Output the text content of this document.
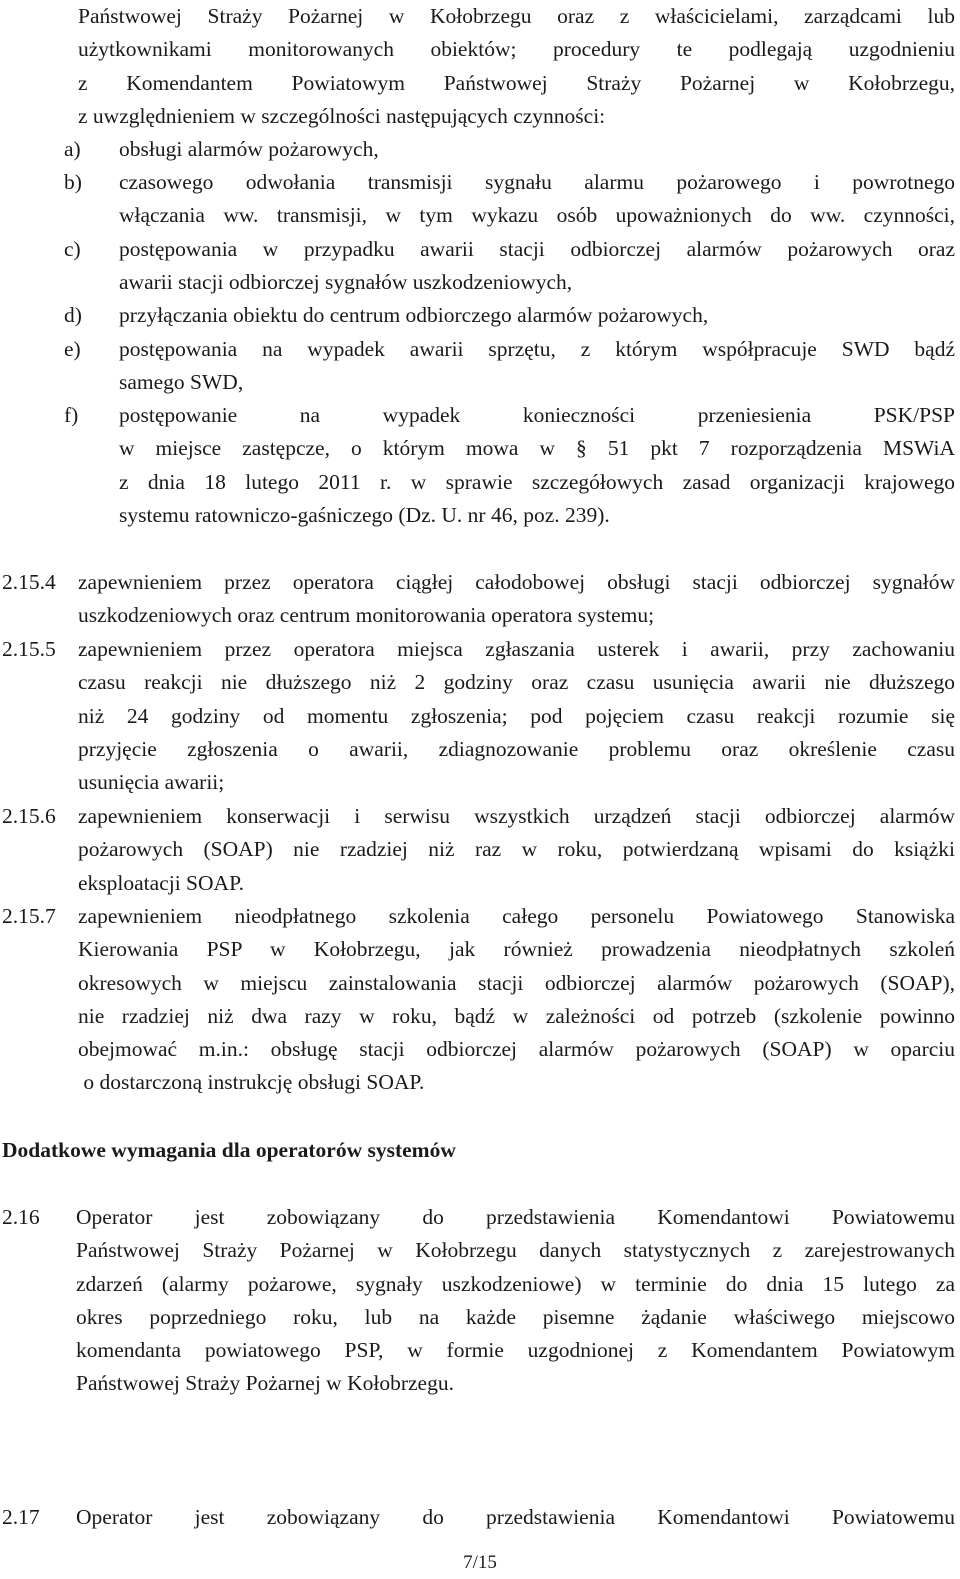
Państwowej Straży Pożarnej w Kołobrzegu oraz z właścicielami, zarządcami lub
użytkownikami monitorowanych obiektów; procedury te podlegają uzgodnieniu
z Komendantem Powiatowym Państwowej Straży Pożarnej w Kołobrzegu,
z uwzględnieniem w szczególności następujących czynności:
a) obsługi alarmów pożarowych,
b) czasowego odwołania transmisji sygnału alarmu pożarowego i powrotnego
włączania ww. transmisji, w tym wykazu osób upoważnionych do ww. czynności,
c) postępowania w przypadku awarii stacji odbiorczej alarmów pożarowych oraz
awarii stacji odbiorczej sygnałów uszkodzeniowych,
d) przyłączania obiektu do centrum odbiorczego alarmów pożarowych,
e) postępowania na wypadek awarii sprzętu, z którym współpracuje SWD bądź
samego SWD,
f) postępowanie na wypadek konieczności przeniesienia PSK/PSP
w miejsce zastępcze, o którym mowa w § 51 pkt 7 rozporządzenia MSWiA
z dnia 18 lutego 2011 r. w sprawie szczegółowych zasad organizacji krajowego
systemu ratowniczo-gaśniczego (Dz. U. nr 46, poz. 239).
2.15.4 zapewnieniem przez operatora ciągłej całodobowej obsługi stacji odbiorczej sygnałów
uszkodzeniowych oraz centrum monitorowania operatora systemu;
2.15.5 zapewnieniem przez operatora miejsca zgłaszania usterek i awarii, przy zachowaniu
czasu reakcji nie dłuższego niż 2 godziny oraz czasu usunięcia awarii nie dłuższego
niż 24 godziny od momentu zgłoszenia; pod pojęciem czasu reakcji rozumie się
przyjęcie zgłoszenia o awarii, zdiagnozowanie problemu oraz określenie czasu
usunięcia awarii;
2.15.6 zapewnieniem konserwacji i serwisu wszystkich urządzeń stacji odbiorczej alarmów
pożarowych (SOAP) nie rzadziej niż raz w roku, potwierdzaną wpisami do książki
eksploatacji SOAP.
2.15.7 zapewnieniem nieodpłatnego szkolenia całego personelu Powiatowego Stanowiska
Kierowania PSP w Kołobrzegu, jak również prowadzenia nieodpłatnych szkoleń
okresowych w miejscu zainstalowania stacji odbiorczej alarmów pożarowych (SOAP),
nie rzadziej niż dwa razy w roku, bądź w zależności od potrzeb (szkolenie powinno
obejmować m.in.: obsługę stacji odbiorczej alarmów pożarowych (SOAP) w oparciu
o dostarczoną instrukcję obsługi SOAP.
Dodatkowe wymagania dla operatorów systemów
2.16 Operator jest zobowiązany do przedstawienia Komendantowi Powiatowemu
Państwowej Straży Pożarnej w Kołobrzegu danych statystycznych z zarejestrowanych
zdarzeń (alarmy pożarowe, sygnały uszkodzeniowe) w terminie do dnia 15 lutego za
okres poprzedniego roku, lub na każde pisemne żądanie właściwego miejscowo
komendanta powiatowego PSP, w formie uzgodnionej z Komendantem Powiatowym
Państwowej Straży Pożarnej w Kołobrzegu.
2.17 Operator jest zobowiązany do przedstawienia Komendantowi Powiatowemu
7/15
